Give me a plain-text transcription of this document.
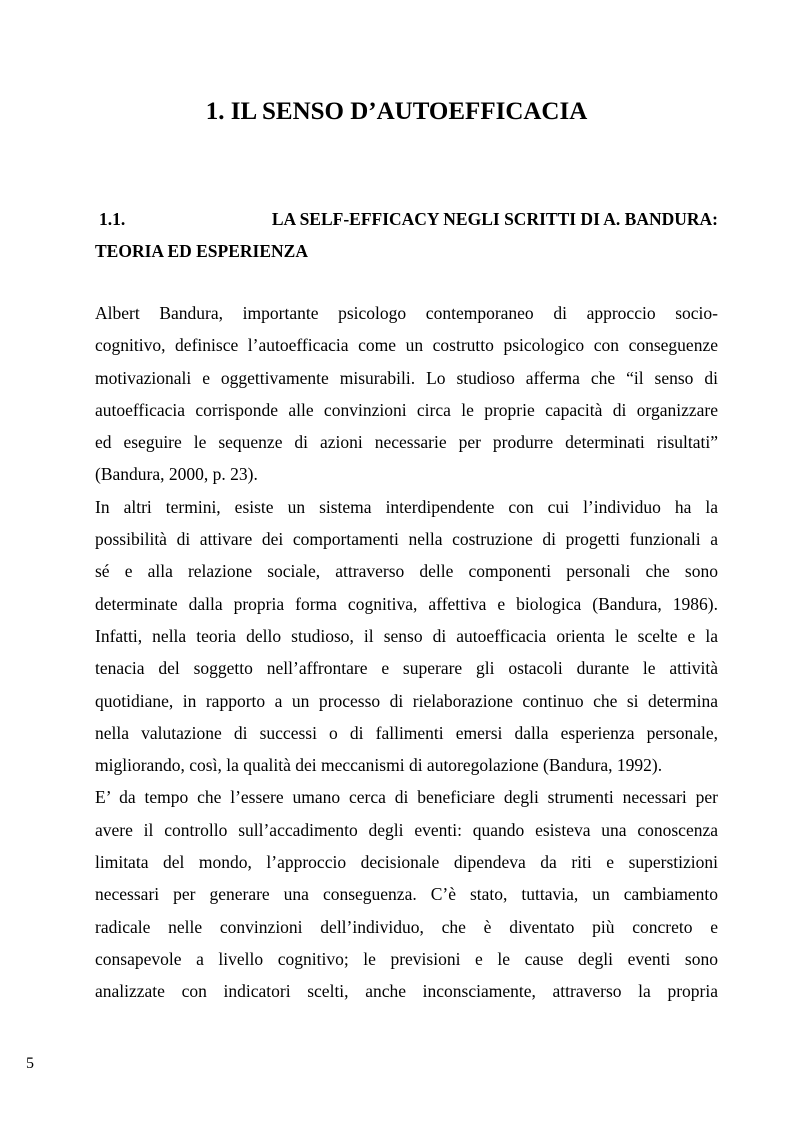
1. IL SENSO D’AUTOEFFICACIA
1.1.	LA SELF-EFFICACY NEGLI SCRITTI DI A. BANDURA:
TEORIA ED ESPERIENZA
Albert Bandura, importante psicologo contemporaneo di approccio socio-
cognitivo, definisce l’autoefficacia come un costrutto psicologico con conseguenze
motivazionali e oggettivamente misurabili. Lo studioso afferma che “il senso di
autoefficacia corrisponde alle convinzioni circa le proprie capacità di organizzare
ed eseguire le sequenze di azioni necessarie per produrre determinati risultati”
(Bandura, 2000, p. 23).
In altri termini, esiste un sistema interdipendente con cui l’individuo ha la
possibilità di attivare dei comportamenti nella costruzione di progetti funzionali a
sé e alla relazione sociale, attraverso delle componenti personali che sono
determinate dalla propria forma cognitiva, affettiva e biologica (Bandura, 1986).
Infatti, nella teoria dello studioso, il senso di autoefficacia orienta le scelte e la
tenacia del soggetto nell’affrontare e superare gli ostacoli durante le attività
quotidiane, in rapporto a un processo di rielaborazione continuo che si determina
nella valutazione di successi o di fallimenti emersi dalla esperienza personale,
migliorando, così, la qualità dei meccanismi di autoregolazione (Bandura, 1992).
E’ da tempo che l’essere umano cerca di beneficiare degli strumenti necessari per
avere il controllo sull’accadimento degli eventi: quando esisteva una conoscenza
limitata del mondo, l’approccio decisionale dipendeva da riti e superstizioni
necessari per generare una conseguenza. C’è stato, tuttavia, un cambiamento
radicale nelle convinzioni dell’individuo, che è diventato più concreto e
consapevole a livello cognitivo; le previsioni e le cause degli eventi sono
analizzate con indicatori scelti, anche inconsciamente, attraverso la propria
5
